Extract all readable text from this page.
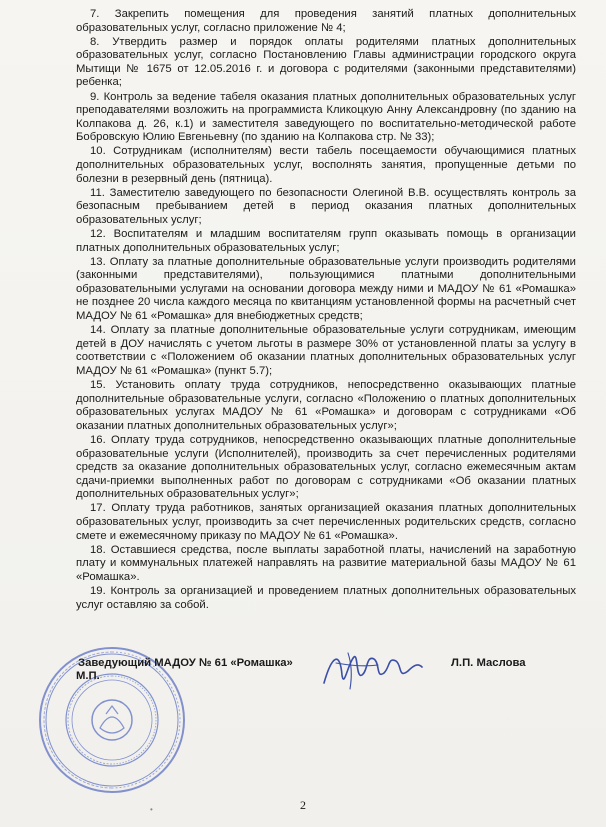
7. Закрепить помещения для проведения занятий платных дополнительных образовательных услуг, согласно приложение № 4;

8. Утвердить размер и порядок оплаты родителями платных дополнительных образовательных услуг, согласно Постановлению Главы администрации городского округа Мытищи № 1675 от 12.05.2016 г. и договора с родителями (законными представителями) ребенка;

9. Контроль за ведение табеля оказания платных дополнительных образовательных услуг преподавателями возложить на программиста Кликоцкую Анну Александровну (по зданию на Колпакова д. 26, к.1) и заместителя заведующего по воспитательно-методической работе Бобровскую Юлию Евгеньевну (по зданию на Колпакова стр. № 33);

10. Сотрудникам (исполнителям) вести табель посещаемости обучающимися платных дополнительных образовательных услуг, восполнять занятия, пропущенные детьми по болезни в резервный день (пятница).

11. Заместителю заведующего по безопасности Олегиной В.В. осуществлять контроль за безопасным пребыванием детей в период оказания платных дополнительных образовательных услуг;

12. Воспитателям и младшим воспитателям групп оказывать помощь в организации платных дополнительных образовательных услуг;

13. Оплату за платные дополнительные образовательные услуги производить родителями (законными представителями), пользующимися платными дополнительными образовательными услугами на основании договора между ними и МАДОУ № 61 «Ромашка» не позднее 20 числа каждого месяца по квитанциям установленной формы на расчетный счет МАДОУ № 61 «Ромашка» для внебюджетных средств;

14. Оплату за платные дополнительные образовательные услуги сотрудникам, имеющим детей в ДОУ начислять с учетом льготы в размере 30% от установленной платы за услугу в соответствии с «Положением об оказании платных дополнительных образовательных услуг МАДОУ № 61 «Ромашка» (пункт 5.7);

15. Установить оплату труда сотрудников, непосредственно оказывающих платные дополнительные образовательные услуги, согласно «Положению о платных дополнительных образовательных услугах МАДОУ № 61 «Ромашка» и договорам с сотрудниками «Об оказании платных дополнительных образовательных услуг»;

16. Оплату труда сотрудников, непосредственно оказывающих платные дополнительные образовательные услуги (Исполнителей), производить за счет перечисленных родителями средств за оказание дополнительных образовательных услуг, согласно ежемесячным актам сдачи-приемки выполненных работ по договорам с сотрудниками «Об оказании платных дополнительных образовательных услуг»;

17. Оплату труда работников, занятых организацией оказания платных дополнительных образовательных услуг, производить за счет перечисленных родительских средств, согласно смете и ежемесячному приказу по МАДОУ № 61 «Ромашка».

18. Оставшиеся средства, после выплаты заработной платы, начислений на заработную плату и коммунальных платежей направлять на развитие материальной базы МАДОУ № 61 «Ромашка».

19. Контроль за организацией и проведением платных дополнительных образовательных услуг оставляю за собой.

Заведующий МАДОУ № 61 «Ромашка»
М.П.
Л.П. Маслова
2
•
